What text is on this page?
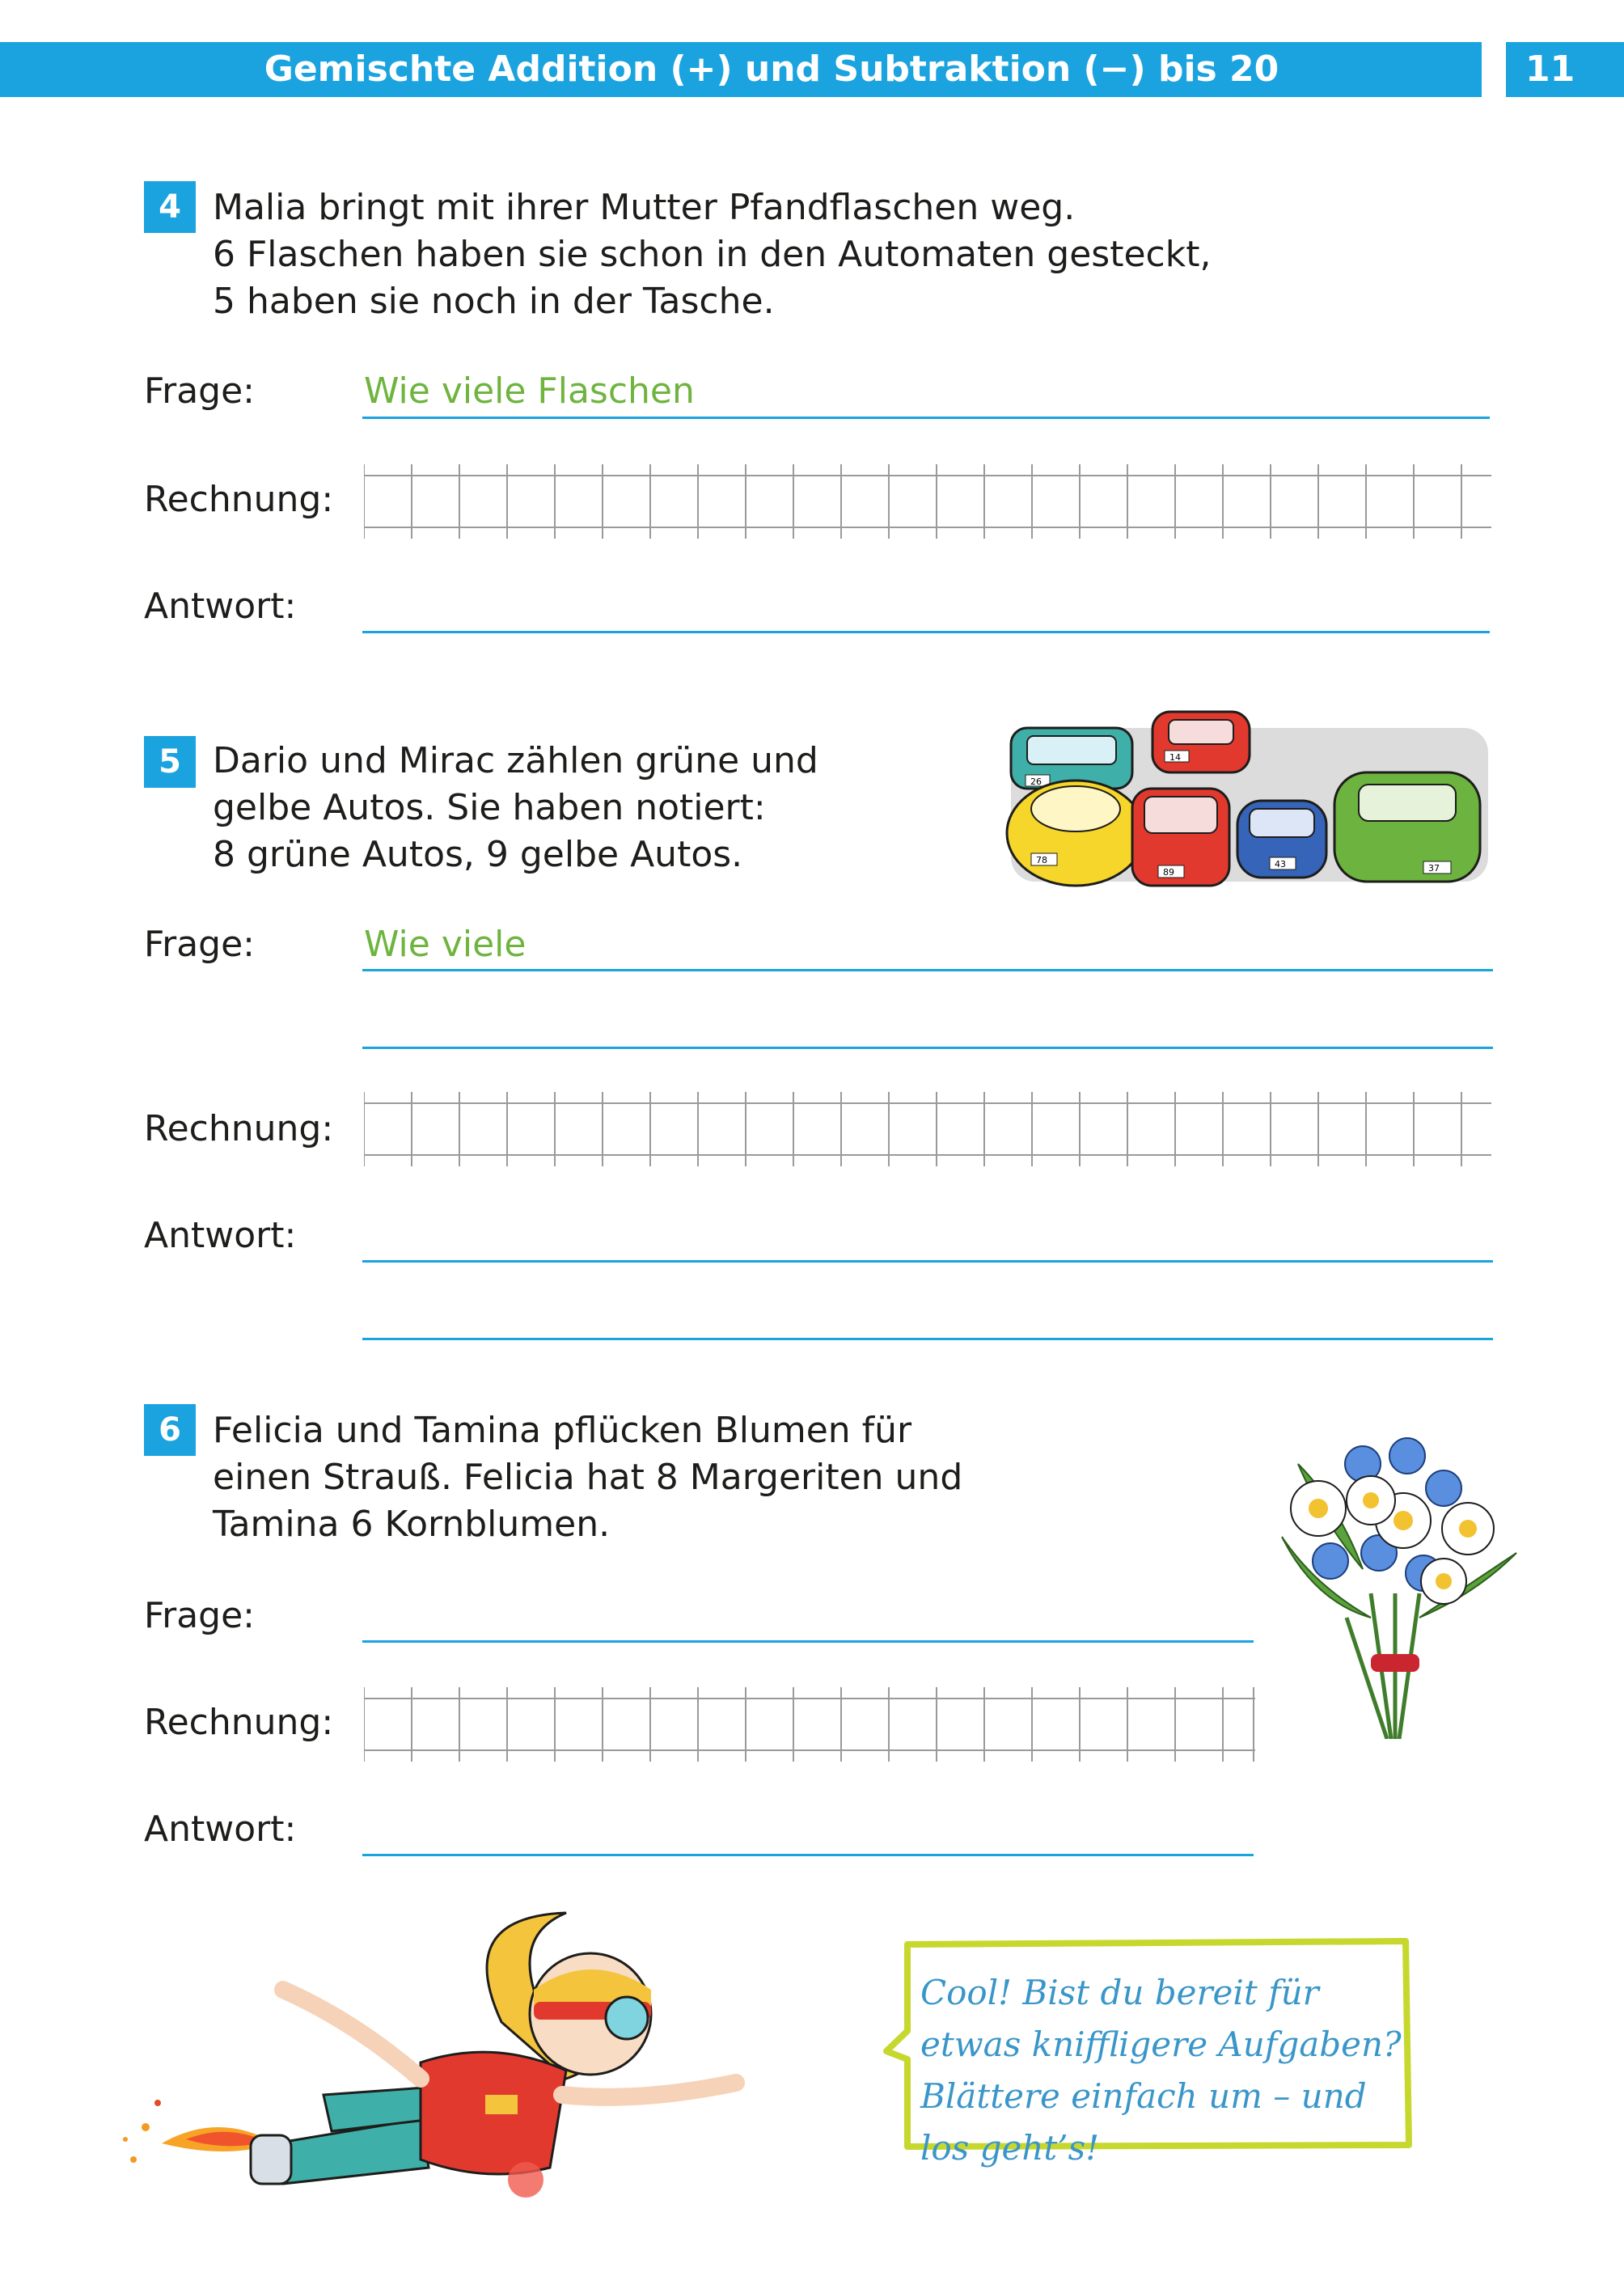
Gemischte Addition (+) und Subtraktion (−) bis 20	11
4 Malia bringt mit ihrer Mutter Pfandflaschen weg.
6 Flaschen haben sie schon in den Automaten gesteckt,
5 haben sie noch in der Tasche.
Frage:	Wie viele Flaschen
Rechnung:
Antwort:
5 Dario und Mirac zählen grüne und
gelbe Autos. Sie haben notiert:
8 grüne Autos, 9 gelbe Autos.
26
14
78
89
43	37
Frage:	Wie viele
Rechnung:
Antwort:
6 Felicia und Tamina pflücken Blumen für
einen Strauß. Felicia hat 8 Margeriten und
Tamina 6 Kornblumen.
Frage:
Rechnung:
Antwort:
Cool! Bist du bereit für
etwas kniffligere Aufgaben?
Blättere einfach um – und
los geht’s!
